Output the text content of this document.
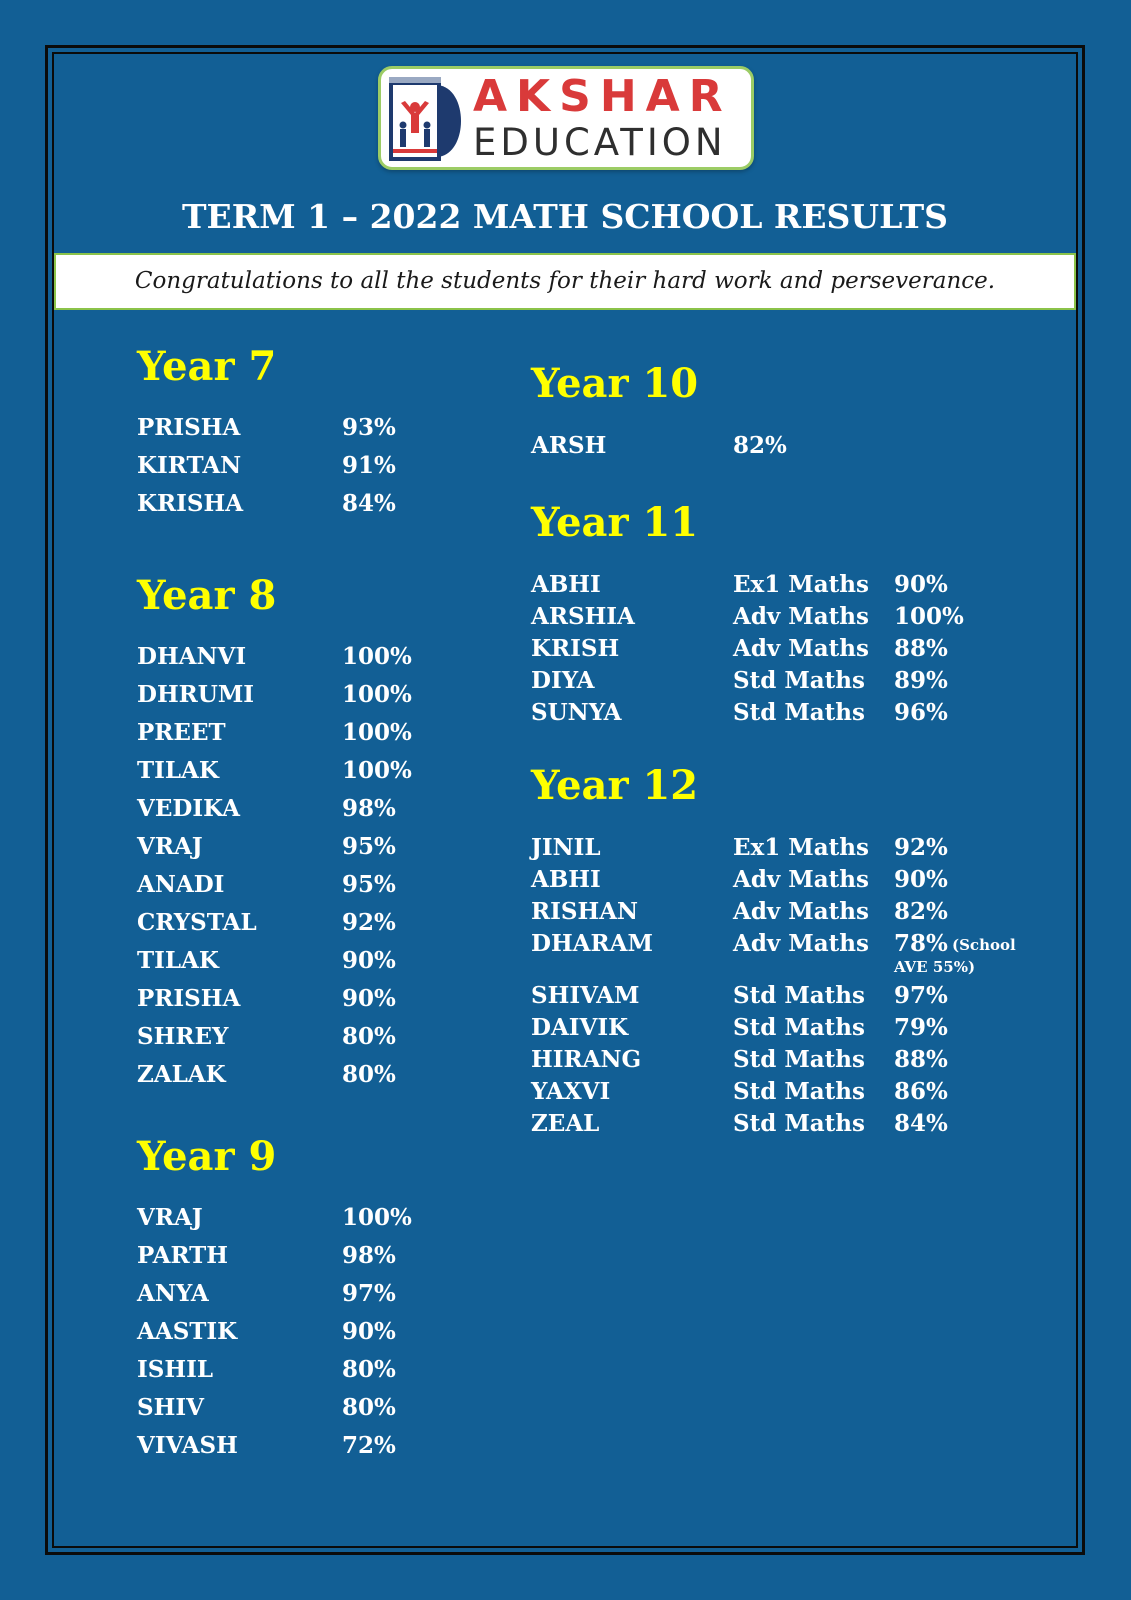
AKSHAR
EDUCATION
TERM 1 – 2022 MATH SCHOOL RESULTS
Congratulations to all the students for their hard work and perseverance.
Year 7
PRISHA	93%
KIRTAN	91%
KRISHA	84%
Year 8
DHANVI	100%
DHRUMI	100%
PREET	100%
TILAK	100%
VEDIKA	98%
VRAJ	95%
ANADI	95%
CRYSTAL	92%
TILAK	90%
PRISHA	90%
SHREY	80%
ZALAK	80%
Year 9
VRAJ	100%
PARTH	98%
ANYA	97%
AASTIK	90%
ISHIL	80%
SHIV	80%
VIVASH	72%
Year 10
ARSH	82%
Year 11
ABHI	Ex1 Maths 90%
ARSHIA	Adv Maths 100%
KRISH	Adv Maths 88%
DIYA	Std Maths 89%
SUNYA	Std Maths 96%
Year 12
JINIL	Ex1 Maths 92%
ABHI	Adv Maths 90%
RISHAN	Adv Maths 82%
DHARAM	Adv Maths 78% (School
AVE 55%)
SHIVAM	Std Maths 97%
DAIVIK	Std Maths 79%
HIRANG	Std Maths 88%
YAXVI	Std Maths 86%
ZEAL	Std Maths 84%
